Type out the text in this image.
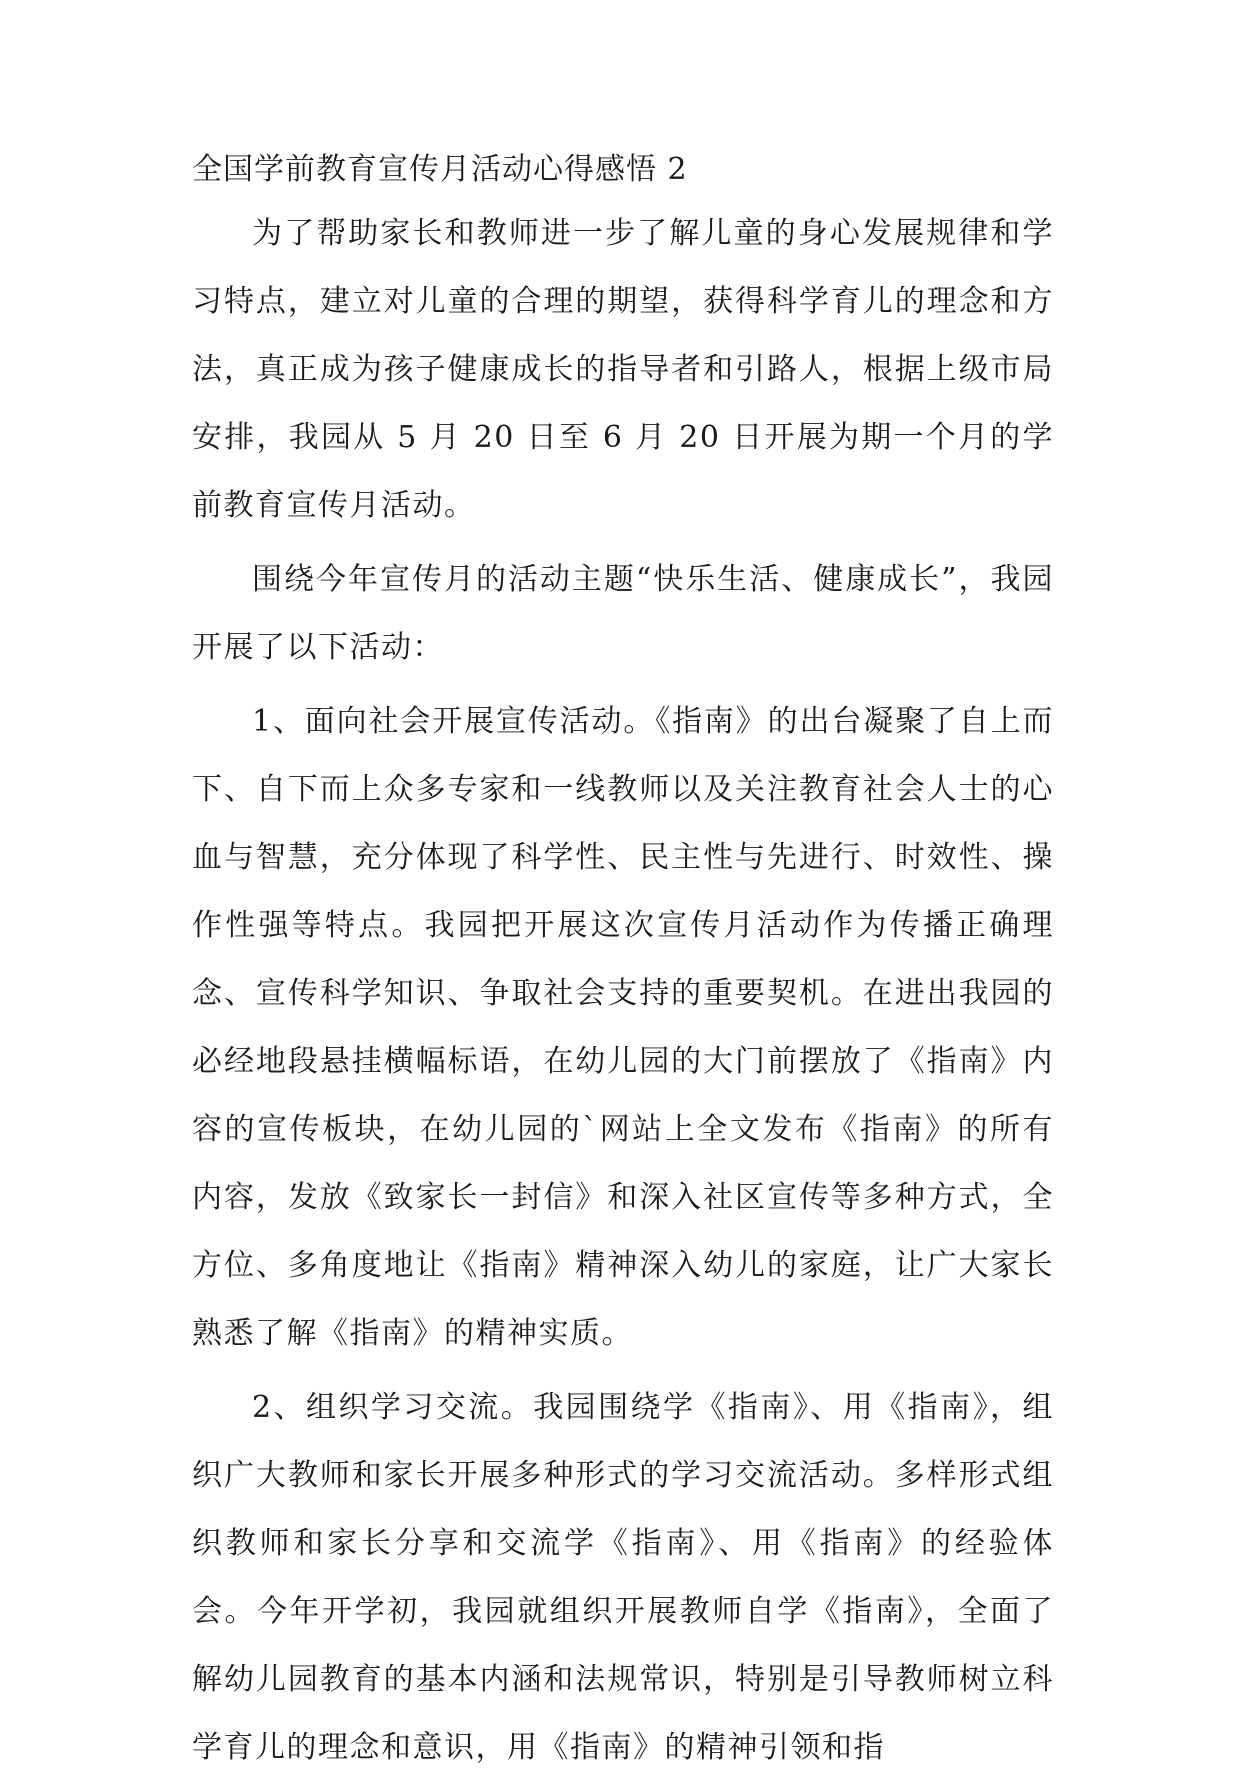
全国学前教育宣传月活动心得感悟 2

为了帮助家长和教师进一步了解儿童的身心发展规律和学习特点，建立对儿童的合理的期望，获得科学育儿的理念和方法，真正成为孩子健康成长的指导者和引路人，根据上级市局安排，我园从 5 月 20 日至 6 月 20 日开展为期一个月的学前教育宣传月活动。

围绕今年宣传月的活动主题“快乐生活、健康成长”，我园开展了以下活动：

1、面向社会开展宣传活动。《指南》的出台凝聚了自上而下、自下而上众多专家和一线教师以及关注教育社会人士的心血与智慧，充分体现了科学性、民主性与先进行、时效性、操作性强等特点。我园把开展这次宣传月活动作为传播正确理念、宣传科学知识、争取社会支持的重要契机。在进出我园的必经地段悬挂横幅标语，在幼儿园的大门前摆放了《指南》内容的宣传板块，在幼儿园的`网站上全文发布《指南》的所有内容，发放《致家长一封信》和深入社区宣传等多种方式，全方位、多角度地让《指南》精神深入幼儿的家庭，让广大家长熟悉了解《指南》的精神实质。

2、组织学习交流。我园围绕学《指南》、用《指南》，组织广大教师和家长开展多种形式的学习交流活动。多样形式组织教师和家长分享和交流学《指南》、用《指南》的经验体会。今年开学初，我园就组织开展教师自学《指南》，全面了解幼儿园教育的基本内涵和法规常识，特别是引导教师树立科学育儿的理念和意识，用《指南》的精神引领和指
